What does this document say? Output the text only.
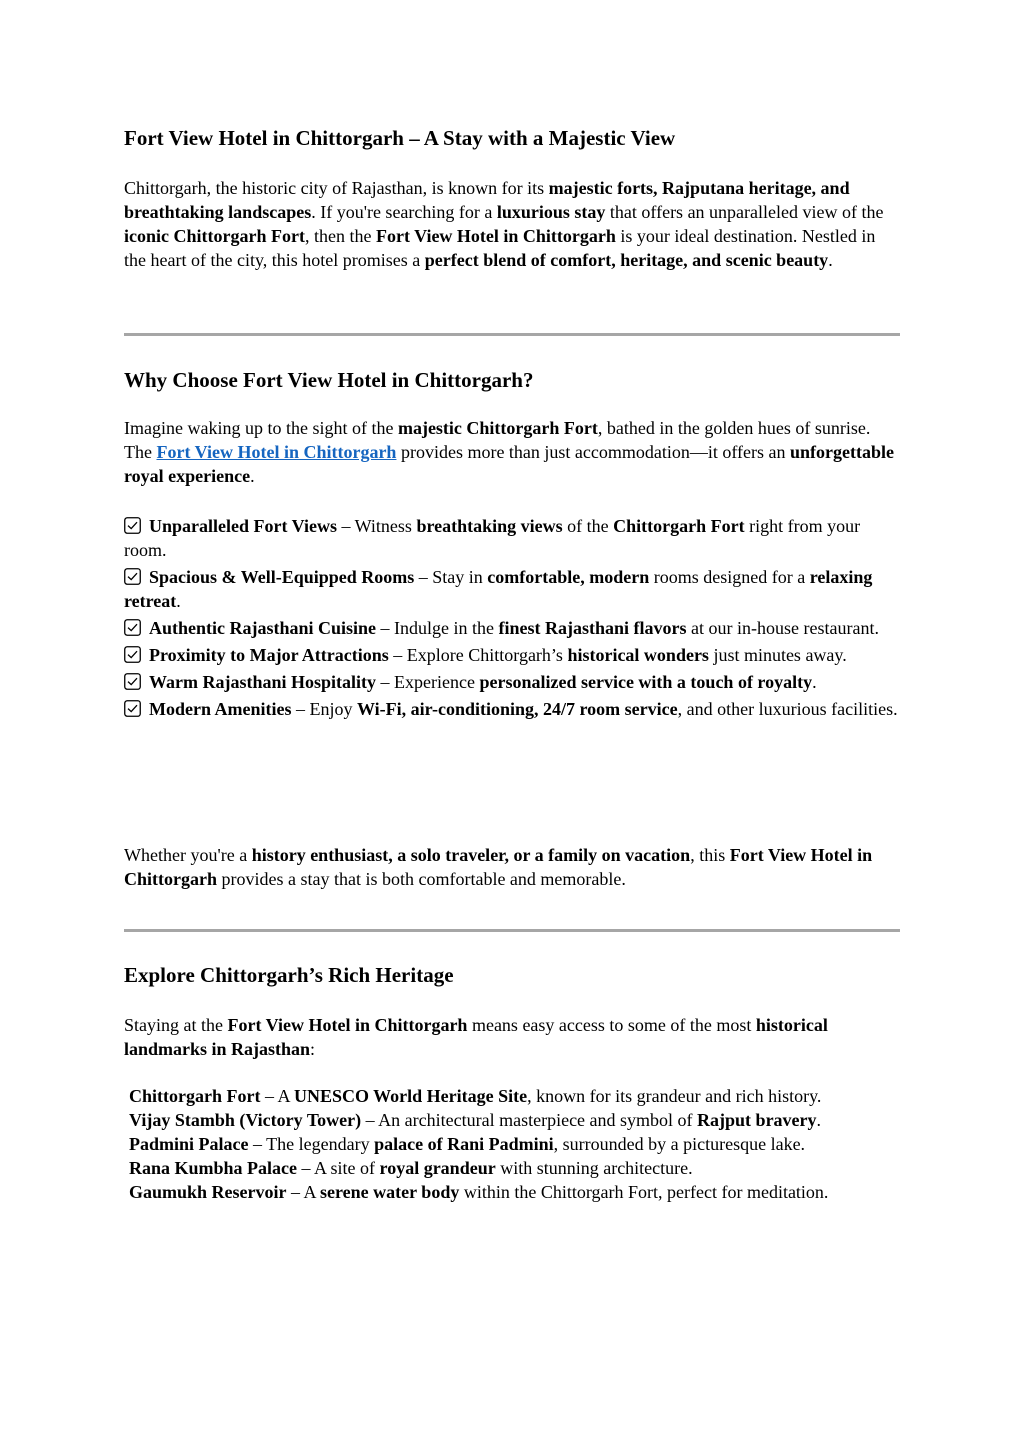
Fort View Hotel in Chittorgarh – A Stay with a Majestic View

Chittorgarh, the historic city of Rajasthan, is known for its majestic forts, Rajputana heritage, and breathtaking landscapes. If you're searching for a luxurious stay that offers an unparalleled view of the iconic Chittorgarh Fort, then the Fort View Hotel in Chittorgarh is your ideal destination. Nestled in the heart of the city, this hotel promises a perfect blend of comfort, heritage, and scenic beauty.

Why Choose Fort View Hotel in Chittorgarh?

Imagine waking up to the sight of the majestic Chittorgarh Fort, bathed in the golden hues of sunrise. The Fort View Hotel in Chittorgarh provides more than just accommodation—it offers an unforgettable royal experience.

Unparalleled Fort Views – Witness breathtaking views of the Chittorgarh Fort right from your room.
Spacious & Well-Equipped Rooms – Stay in comfortable, modern rooms designed for a relaxing retreat.
Authentic Rajasthani Cuisine – Indulge in the finest Rajasthani flavors at our in-house restaurant.
Proximity to Major Attractions – Explore Chittorgarh’s historical wonders just minutes away.
Warm Rajasthani Hospitality – Experience personalized service with a touch of royalty.
Modern Amenities – Enjoy Wi-Fi, air-conditioning, 24/7 room service, and other luxurious facilities.

Whether you're a history enthusiast, a solo traveler, or a family on vacation, this Fort View Hotel in Chittorgarh provides a stay that is both comfortable and memorable.

Explore Chittorgarh’s Rich Heritage

Staying at the Fort View Hotel in Chittorgarh means easy access to some of the most historical landmarks in Rajasthan:

Chittorgarh Fort – A UNESCO World Heritage Site, known for its grandeur and rich history.
Vijay Stambh (Victory Tower) – An architectural masterpiece and symbol of Rajput bravery.
Padmini Palace – The legendary palace of Rani Padmini, surrounded by a picturesque lake.
Rana Kumbha Palace – A site of royal grandeur with stunning architecture.
Gaumukh Reservoir – A serene water body within the Chittorgarh Fort, perfect for meditation.
